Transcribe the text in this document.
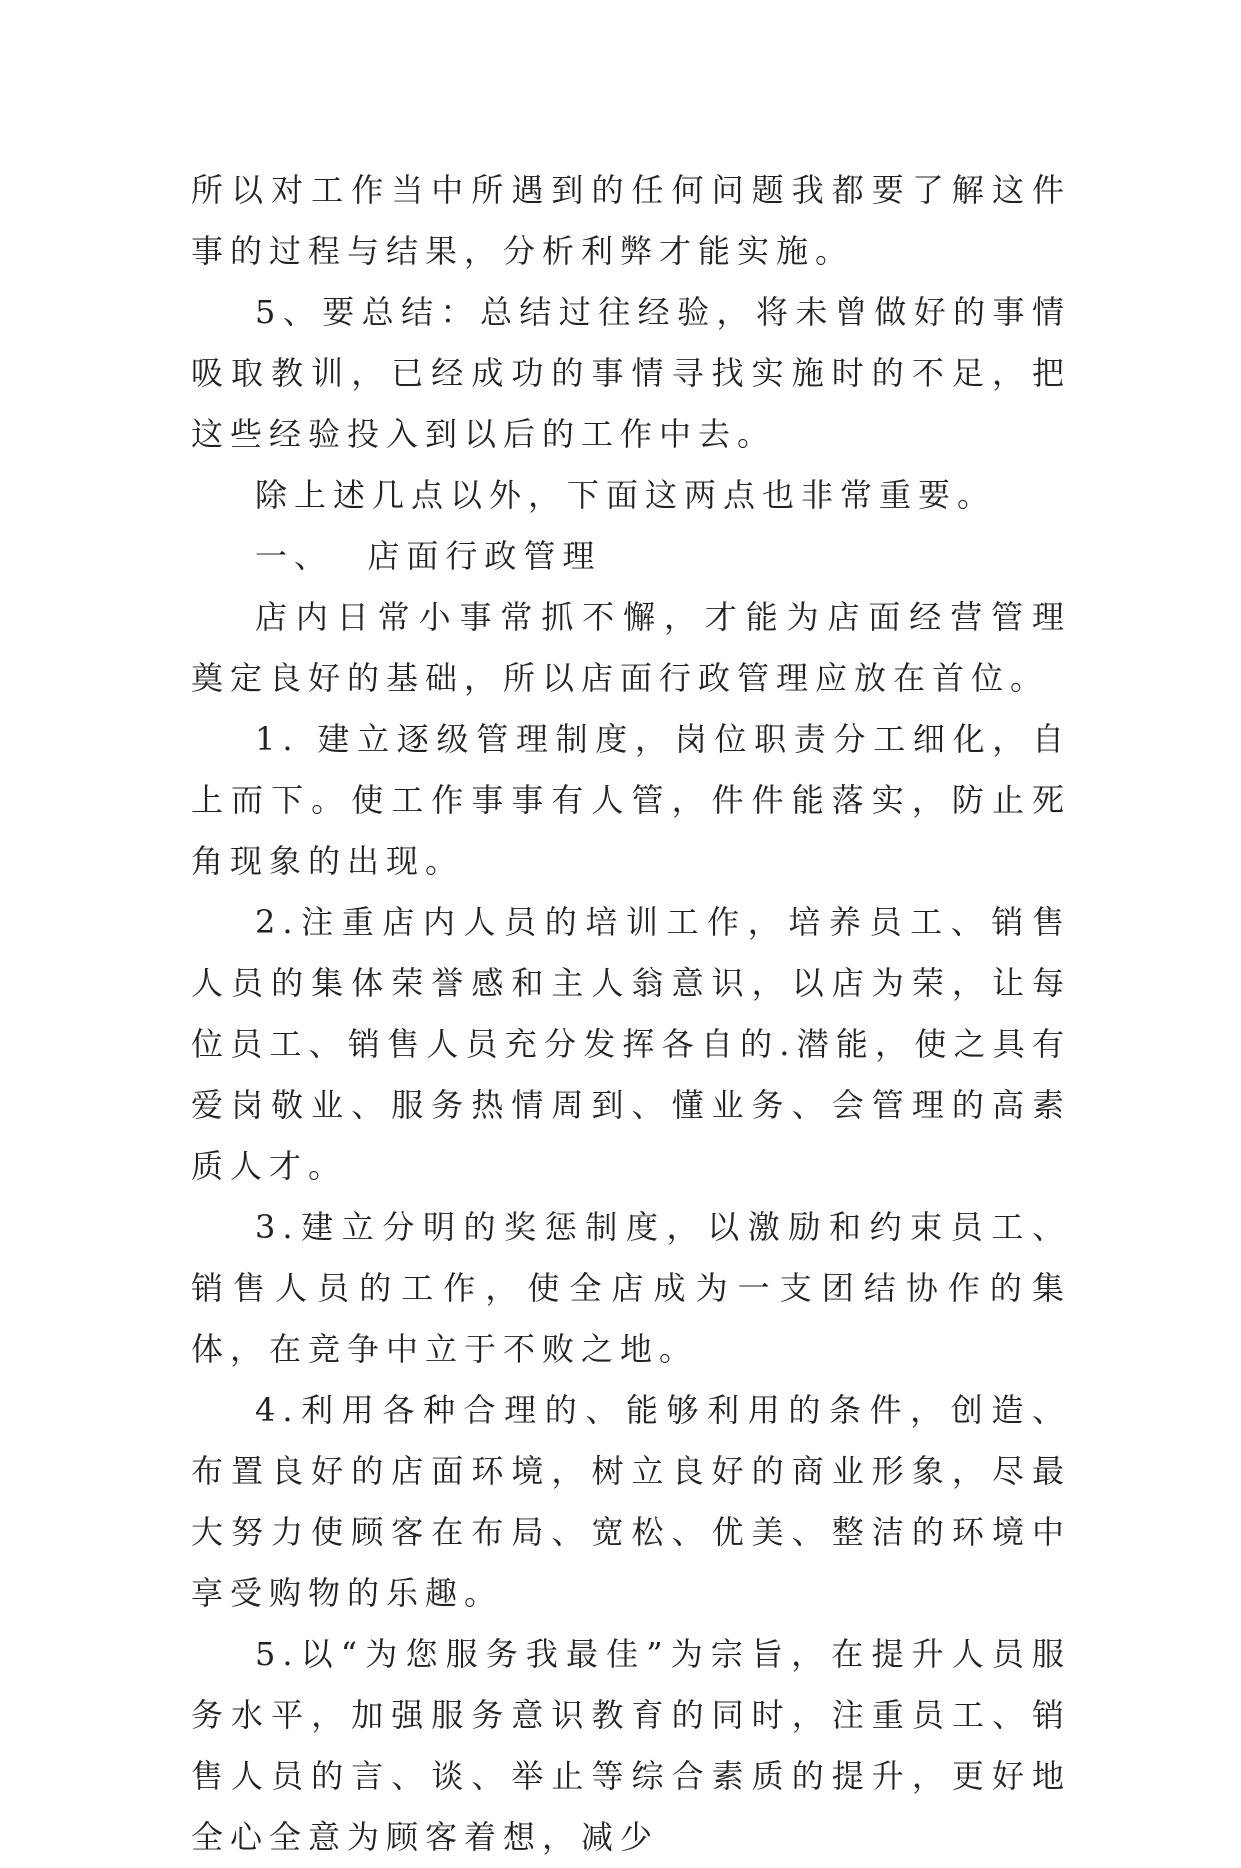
所以对工作当中所遇到的任何问题我都要了解这件事的过程与结果，分析利弊才能实施。

5、要总结：总结过往经验，将未曾做好的事情吸取教训，已经成功的事情寻找实施时的不足，把这些经验投入到以后的工作中去。

除上述几点以外，下面这两点也非常重要。

一、  店面行政管理

店内日常小事常抓不懈，才能为店面经营管理奠定良好的基础，所以店面行政管理应放在首位。

1. 建立逐级管理制度，岗位职责分工细化，自上而下。使工作事事有人管，件件能落实，防止死角现象的出现。

2.注重店内人员的培训工作，培养员工、销售人员的集体荣誉感和主人翁意识，以店为荣，让每位员工、销售人员充分发挥各自的.潜能，使之具有爱岗敬业、服务热情周到、懂业务、会管理的高素质人才。

3.建立分明的奖惩制度，以激励和约束员工、销售人员的工作，使全店成为一支团结协作的集体，在竞争中立于不败之地。

4.利用各种合理的、能够利用的条件，创造、布置良好的店面环境，树立良好的商业形象，尽最大努力使顾客在布局、宽松、优美、整洁的环境中享受购物的乐趣。

5.以“为您服务我最佳”为宗旨，在提升人员服务水平，加强服务意识教育的同时，注重员工、销售人员的言、谈、举止等综合素质的提升，更好地全心全意为顾客着想，减少
